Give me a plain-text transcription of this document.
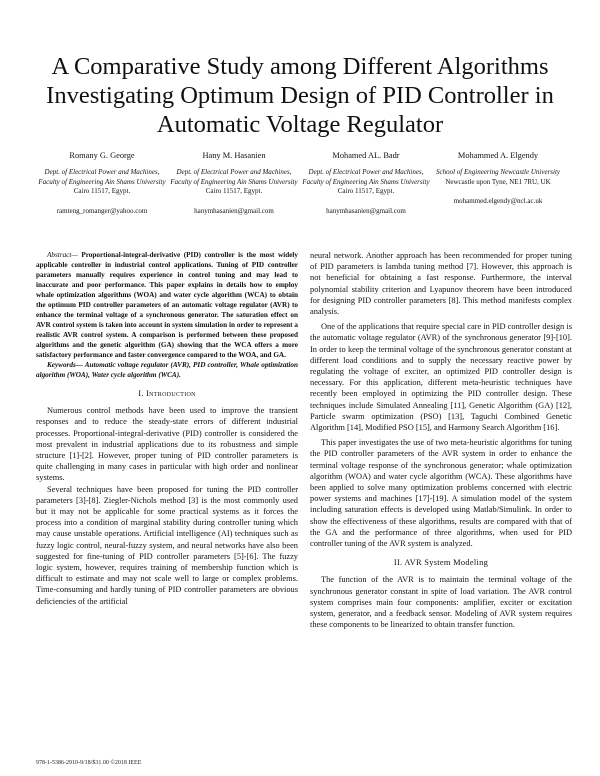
A Comparative Study among Different Algorithms Investigating Optimum Design of PID Controller in Automatic Voltage Regulator
Romany G. George
Dept. of Electrical Power and Machines, Faculty of Engineering Ain Shams University
Cairo 11517, Egypt.
ramteng_romanger@yahoo.com
Hany M. Hasanien
Dept. of Electrical Power and Machines, Faculty of Engineering Ain Shams University
Cairo 11517, Egypt.
hanymhasanien@gmail.com
Mohamed AL. Badr
Dept. of Electrical Power and Machines, Faculty of Engineering Ain Shams University
Cairo 11517, Egypt.
hanymhasanien@gmail.com
Mohammed A. Elgendy
School of Engineering Newcastle University
Newcastle upon Tyne, NE1 7RU, UK
mohammed.elgendy@ncl.ac.uk

Abstract— Proportional-integral-derivative (PID) controller is the most widely applicable controller in industrial control applications. Tuning of PID controller parameters manually requires experience in control tuning and may lead to inaccurate and poor performance. This paper explains in details how to employ whale optimization algorithms (WOA) and water cycle algorithm (WCA) to obtain the optimum PID controller parameters of an automatic voltage regulator (AVR) to enhance the terminal voltage of a synchronous generator. The saturation effect on AVR control system is taken into account in system simulation in order to represent a realistic AVR control system. A comparison is performed between these proposed algorithms and the genetic algorithm (GA) showing that the WCA offers a more satisfactory performance and faster convergence compared to the WOA, and GA.

Keywords— Automatic voltage regulator (AVR), PID controller, Whale optimization algorithm (WOA), Water cycle algorithm (WCA).

I. Introduction

Numerous control methods have been used to improve the transient responses and to reduce the steady-state errors of different industrial processes. Proportional-integral-derivative (PID) controller is considered the most prevalent in industrial applications due to its robustness and simple structure [1]-[2]. However, proper tuning of PID controller parameters is quite challenging in many cases in particular with high order and nonlinear systems.

Several techniques have been proposed for tuning the PID controller parameters [3]-[8]. Ziegler-Nichols method [3] is the most commonly used but it may not be applicable for some practical systems as it forces the process into a condition of marginal stability during controller tuning which may cause unstable operations. Artificial intelligence (AI) techniques such as fuzzy logic control, neural-fuzzy system, and neural networks have also been suggested for fine-tuning of PID controller parameters [5]-[6]. The fuzzy logic system, however, requires training of membership function which is difficult to estimate and may not scale well to large or complex problems. Time-consuming and hardly tuning of PID controller parameters are obvious deficiencies of the artificial

neural network. Another approach has been recommended for proper tuning of PID parameters is lambda tuning method [7]. However, this approach is not beneficial for obtaining a fast response. Furthermore, the interval polynomial stability criterion and Lyapunov theorem have been introduced for designing PID controller parameters [8]. This method manifests complex analysis.

One of the applications that require special care in PID controller design is the automatic voltage regulator (AVR) of the synchronous generator [9]-[10]. In order to keep the terminal voltage of the synchronous generator constant at different load conditions and to supply the necessary reactive power by regulating the voltage of exciter, an optimized PID controller design is necessary. For this application, different meta-heuristic techniques have recently been employed in optimizing the PID controller design. These techniques include Simulated Annealing [11], Genetic Algorithm (GA) [12], Particle swarm optimization (PSO) [13], Taguchi Combined Genetic Algorithm [14], Modified PSO [15], and Harmony Search Algorithm [16].

This paper investigates the use of two meta-heuristic algorithms for tuning the PID controller parameters of the AVR system in order to enhance the terminal voltage response of the synchronous generator; whale optimization algorithm (WOA) and water cycle algorithm (WCA). These algorithms have been applied to solve many optimization problems concerned with electric power systems and machines [17]-[19]. A simulation model of the system including saturation effects is developed using Matlab/Simulink. In order to show the effectiveness of these algorithms, results are compared with that of the GA and the performance of three algorithms, when used for PID controller tuning of the AVR system is analyzed.

II. AVR System Modeling

The function of the AVR is to maintain the terminal voltage of the synchronous generator constant in spite of load variation. The AVR control system comprises main four components: amplifier, exciter or excitation system, generator, and a feedback sensor. Modeling of AVR system requires these components to be linearized to obtain transfer function.

978-1-5386-2910-9/18/$31.00 ©2018 IEEE
